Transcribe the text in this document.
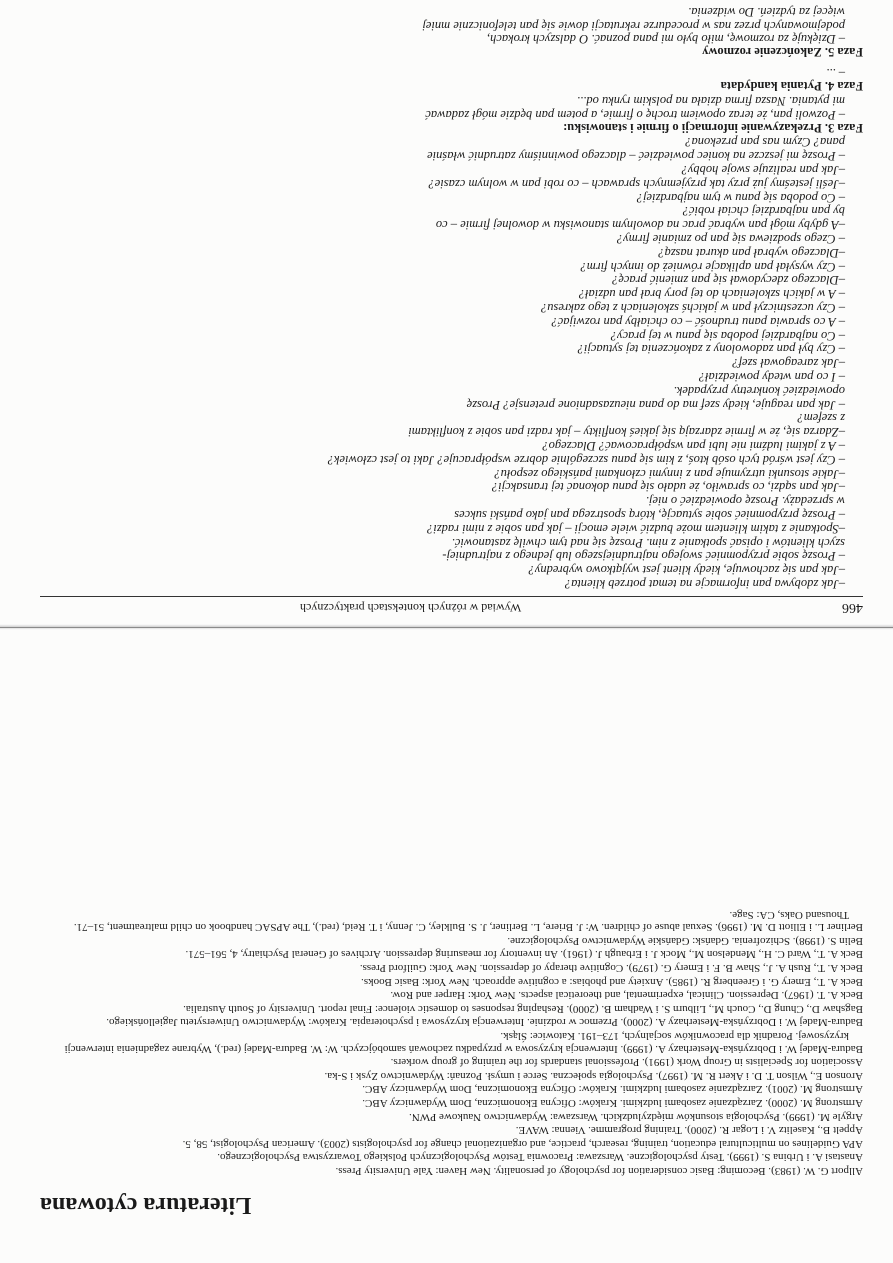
466
Wywiad w różnych kontekstach praktycznych
–Jak zdobywa pan informacje na temat potrzeb klienta?
–Jak pan się zachowuje, kiedy klient jest wyjątkowo wybredny?
– Proszę sobie przypomnieć swojego najtrudniejszego lub jednego z najtrudniej-
szych klientów i opisać spotkanie z nim. Proszę się nad tym chwilę zastanowić.
–Spotkanie z takim klientem może budzić wiele emocji – jak pan sobie z nimi radzi?
– Proszę przypomnieć sobie sytuację, którą spostrzega pan jako pański sukces
w sprzedaży. Proszę opowiedzieć o niej.
–Jak pan sądzi, co sprawiło, że udało się panu dokonać tej transakcji?
–Jakie stosunki utrzymuje pan z innymi członkami pańskiego zespołu?
– Czy jest wśród tych osób ktoś, z kim się panu szczególnie dobrze współpracuje? Jaki to jest człowiek?
– A z jakimi ludźmi nie lubi pan współpracować? Dlaczego?
–Zdarza się, że w firmie zdarzają się jakieś konflikty – jak radzi pan sobie z konfliktami
z szefem?
– Jak pan reaguje, kiedy szef ma do pana nieuzasadnione pretensje? Proszę
opowiedzieć konkretny przypadek.
– I co pan wtedy powiedział?
–Jak zareagował szef?
– Czy był pan zadowolony z zakończenia tej sytuacji?
– Co najbardziej podoba się panu w tej pracy?
– A co sprawia panu trudność – co chciałby pan rozwijać?
– Czy uczestniczył pan w jakichś szkoleniach z tego zakresu?
– A w jakich szkoleniach do tej pory brał pan udział?
–Dlaczego zdecydował się pan zmienić pracę?
– Czy wysyłał pan aplikacje również do innych firm?
–Dlaczego wybrał pan akurat naszą?
– Czego spodziewa się pan po zmianie firmy?
–A gdyby mógł pan wybrać prac na dowolnym stanowisku w dowolnej firmie – co
by pan najbardziej chciał robić?
– Co podoba się panu w tym najbardziej?
–Jeśli jesteśmy już przy tak przyjemnych sprawach – co robi pan w wolnym czasie?
–Jak pan realizuje swoje hobby?
– Proszę mi jeszcze na koniec powiedzieć – dlaczego powinniśmy zatrudnić właśnie
pana? Czym nas pan przekona?
Faza 3. Przekazywanie informacji o firmie i stanowisku:
– Pozwoli pan, że teraz opowiem trochę o firmie, a potem pan będzie mógł zadawać
mi pytania. Nasza firma działa na polskim rynku od...
Faza 4. Pytania kandydata
– ...
Faza 5. Zakończenie rozmowy
– Dziękuję za rozmowę, miło było mi pana poznać. O dalszych krokach,
podejmowanych przez nas w procedurze rekrutacji dowie się pan telefonicznie mniej
więcej za tydzień. Do widzenia.
Literatura cytowana
Allport G. W. (1983). Becoming: Basic consideration for psychology of personality. New Haven: Yale University Press.
Anastasi A. i Urbina S. (1999). Testy psychologiczne. Warszawa: Pracownia Testów Psychologicznych Polskiego Towarzystwa Psychologicznego.
APA Guidelines on multicultural education, training, research, practice, and organizational change for psychologists (2003). American Psychologist, 58, 5.
Appelt B., Kaselitz V. i Logar R. (2000). Training programme. Vienna: WAVE.
Argyle M. (1999). Psychologia stosunków międzyludzkich. Warszawa: Wydawnictwo Naukowe PWN.
Armstrong M. (2000). Zarządzanie zasobami ludzkimi. Kraków: Oficyna Ekonomiczna, Dom Wydawniczy ABC.
Armstrong M. (2001). Zarządzanie zasobami ludzkimi. Kraków: Oficyna Ekonomiczna, Dom Wydawniczy ABC.
Aronson E., Wilson T. D. i Akert R. M. (1997). Psychologia społeczna. Serce i umysł. Poznań: Wydawnictwo Zysk i S-ka.
Association for Specialists in Group Work (1991). Professional standards for the training of group workers.
Badura-Madej W. i Dobrzyńska-Mesterhazy A. (1999). Interwencja kryzysowa w przypadku zachowań samobójczych. W: W. Badura-Madej (red.), Wybrane zagadnienia interwencji kryzysowej. Poradnik dla pracowników socjalnych, 173–191. Katowice: Śląsk.
Badura-Madej W. i Dobrzyńska-Mesterhazy A. (2000). Przemoc w rodzinie. Interwencja kryzysowa i psychoterapia. Kraków: Wydawnictwo Uniwersytetu Jagiellońskiego.
Bagshaw D., Chung D., Couch M., Lilburn S. i Wadham B. (2000). Reshaping responses to domestic violence: Final report. University of South Australia.
Beck A. T. (1967). Depression. Clinical, experimental, and theoretical aspects. New York: Harper and Row.
Beck A. T., Emery G. i Greenberg R. (1985). Anxiety and phobias: a cognitive approach. New York: Basic Books.
Beck A. T., Rush A. J., Shaw B. F. i Emery G. (1979). Cognitive therapy of depression. New York: Guilford Press.
Beck A. T., Ward C. H., Mendelson M., Mock J. i Erbaugh J. (1961). An inventory for measuring depression. Archives of General Psychiatry, 4, 561–571.
Belin S. (1998). Schizofrenia. Gdańsk: Gdańskie Wydawnictwo Psychologiczne.
Berliner L. i Elliott D. M. (1996). Sexual abuse of children. W: J. Briere, L. Berliner, J. S. Bulkley, C. Jenny, i T. Reid, (red.), The APSAC handbook on child maltreatment, 51–71. Thousand Oaks, CA: Sage.
